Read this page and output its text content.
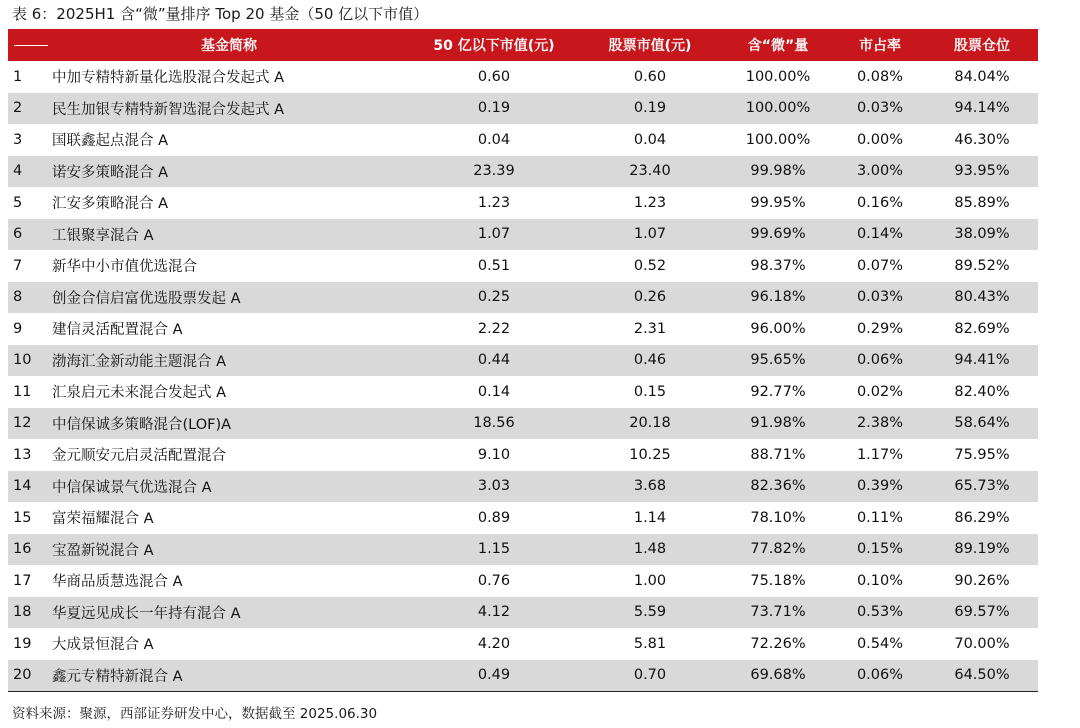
表 6：2025H1 含“微”量排序 Top 20 基金（50 亿以下市值）
	基金简称	50 亿以下市值(元)	股票市值(元)	含“微”量	市占率	股票仓位
1	中加专精特新量化选股混合发起式 A	0.60	0.60	100.00%	0.08%	84.04%
2	民生加银专精特新智选混合发起式 A	0.19	0.19	100.00%	0.03%	94.14%
3	国联鑫起点混合 A	0.04	0.04	100.00%	0.00%	46.30%
4	诺安多策略混合 A	23.39	23.40	99.98%	3.00%	93.95%
5	汇安多策略混合 A	1.23	1.23	99.95%	0.16%	85.89%
6	工银聚享混合 A	1.07	1.07	99.69%	0.14%	38.09%
7	新华中小市值优选混合	0.51	0.52	98.37%	0.07%	89.52%
8	创金合信启富优选股票发起 A	0.25	0.26	96.18%	0.03%	80.43%
9	建信灵活配置混合 A	2.22	2.31	96.00%	0.29%	82.69%
10	渤海汇金新动能主题混合 A	0.44	0.46	95.65%	0.06%	94.41%
11	汇泉启元未来混合发起式 A	0.14	0.15	92.77%	0.02%	82.40%
12	中信保诚多策略混合(LOF)A	18.56	20.18	91.98%	2.38%	58.64%
13	金元顺安元启灵活配置混合	9.10	10.25	88.71%	1.17%	75.95%
14	中信保诚景气优选混合 A	3.03	3.68	82.36%	0.39%	65.73%
15	富荣福耀混合 A	0.89	1.14	78.10%	0.11%	86.29%
16	宝盈新锐混合 A	1.15	1.48	77.82%	0.15%	89.19%
17	华商品质慧选混合 A	0.76	1.00	75.18%	0.10%	90.26%
18	华夏远见成长一年持有混合 A	4.12	5.59	73.71%	0.53%	69.57%
19	大成景恒混合 A	4.20	5.81	72.26%	0.54%	70.00%
20	鑫元专精特新混合 A	0.49	0.70	69.68%	0.06%	64.50%
资料来源：聚源，西部证券研发中心，数据截至 2025.06.30
